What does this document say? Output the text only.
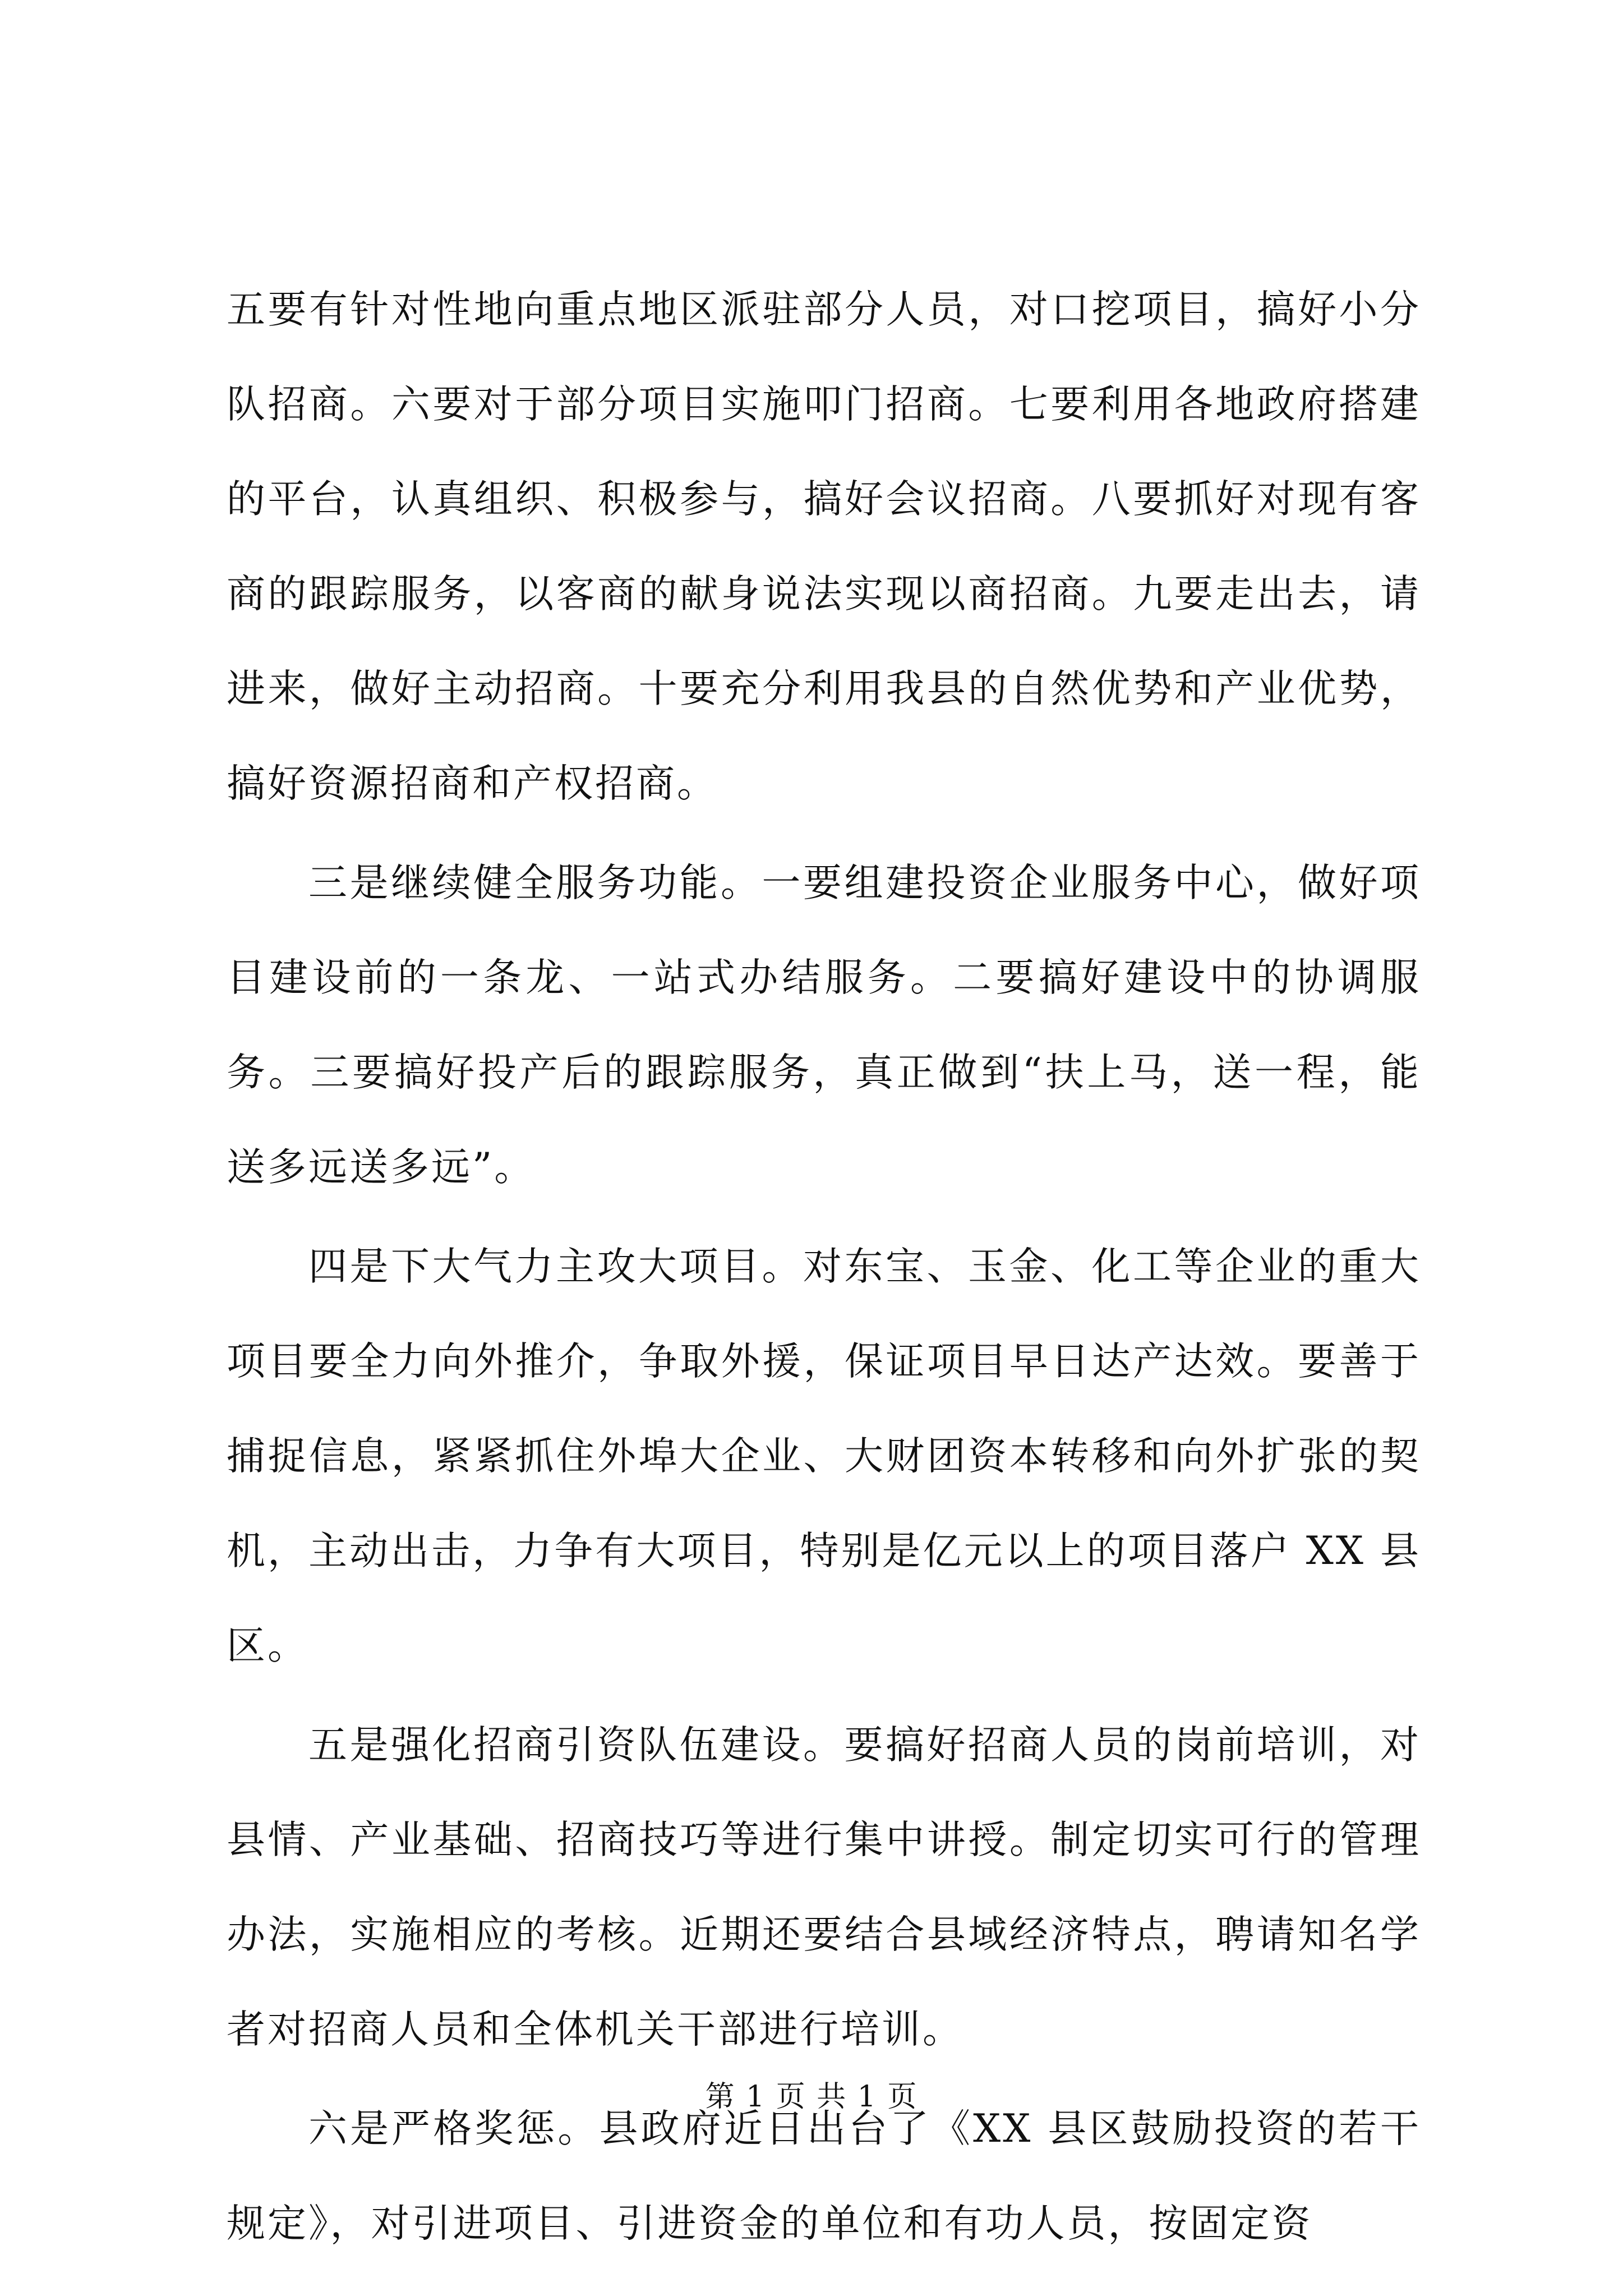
五要有针对性地向重点地区派驻部分人员，对口挖项目，搞好小分队招商。六要对于部分项目实施叩门招商。七要利用各地政府搭建的平台，认真组织、积极参与，搞好会议招商。八要抓好对现有客商的跟踪服务，以客商的献身说法实现以商招商。九要走出去，请进来，做好主动招商。十要充分利用我县的自然优势和产业优势，搞好资源招商和产权招商。

三是继续健全服务功能。一要组建投资企业服务中心，做好项目建设前的一条龙、一站式办结服务。二要搞好建设中的协调服务。三要搞好投产后的跟踪服务，真正做到“扶上马，送一程，能送多远送多远”。

四是下大气力主攻大项目。对东宝、玉金、化工等企业的重大项目要全力向外推介，争取外援，保证项目早日达产达效。要善于捕捉信息，紧紧抓住外埠大企业、大财团资本转移和向外扩张的契机，主动出击，力争有大项目，特别是亿元以上的项目落户 XX 县区。

五是强化招商引资队伍建设。要搞好招商人员的岗前培训，对县情、产业基础、招商技巧等进行集中讲授。制定切实可行的管理办法，实施相应的考核。近期还要结合县域经济特点，聘请知名学者对招商人员和全体机关干部进行培训。

六是严格奖惩。县政府近日出台了《XX 县区鼓励投资的若干规定》，对引进项目、引进资金的单位和有功人员，按固定资

第 1 页 共 1 页
